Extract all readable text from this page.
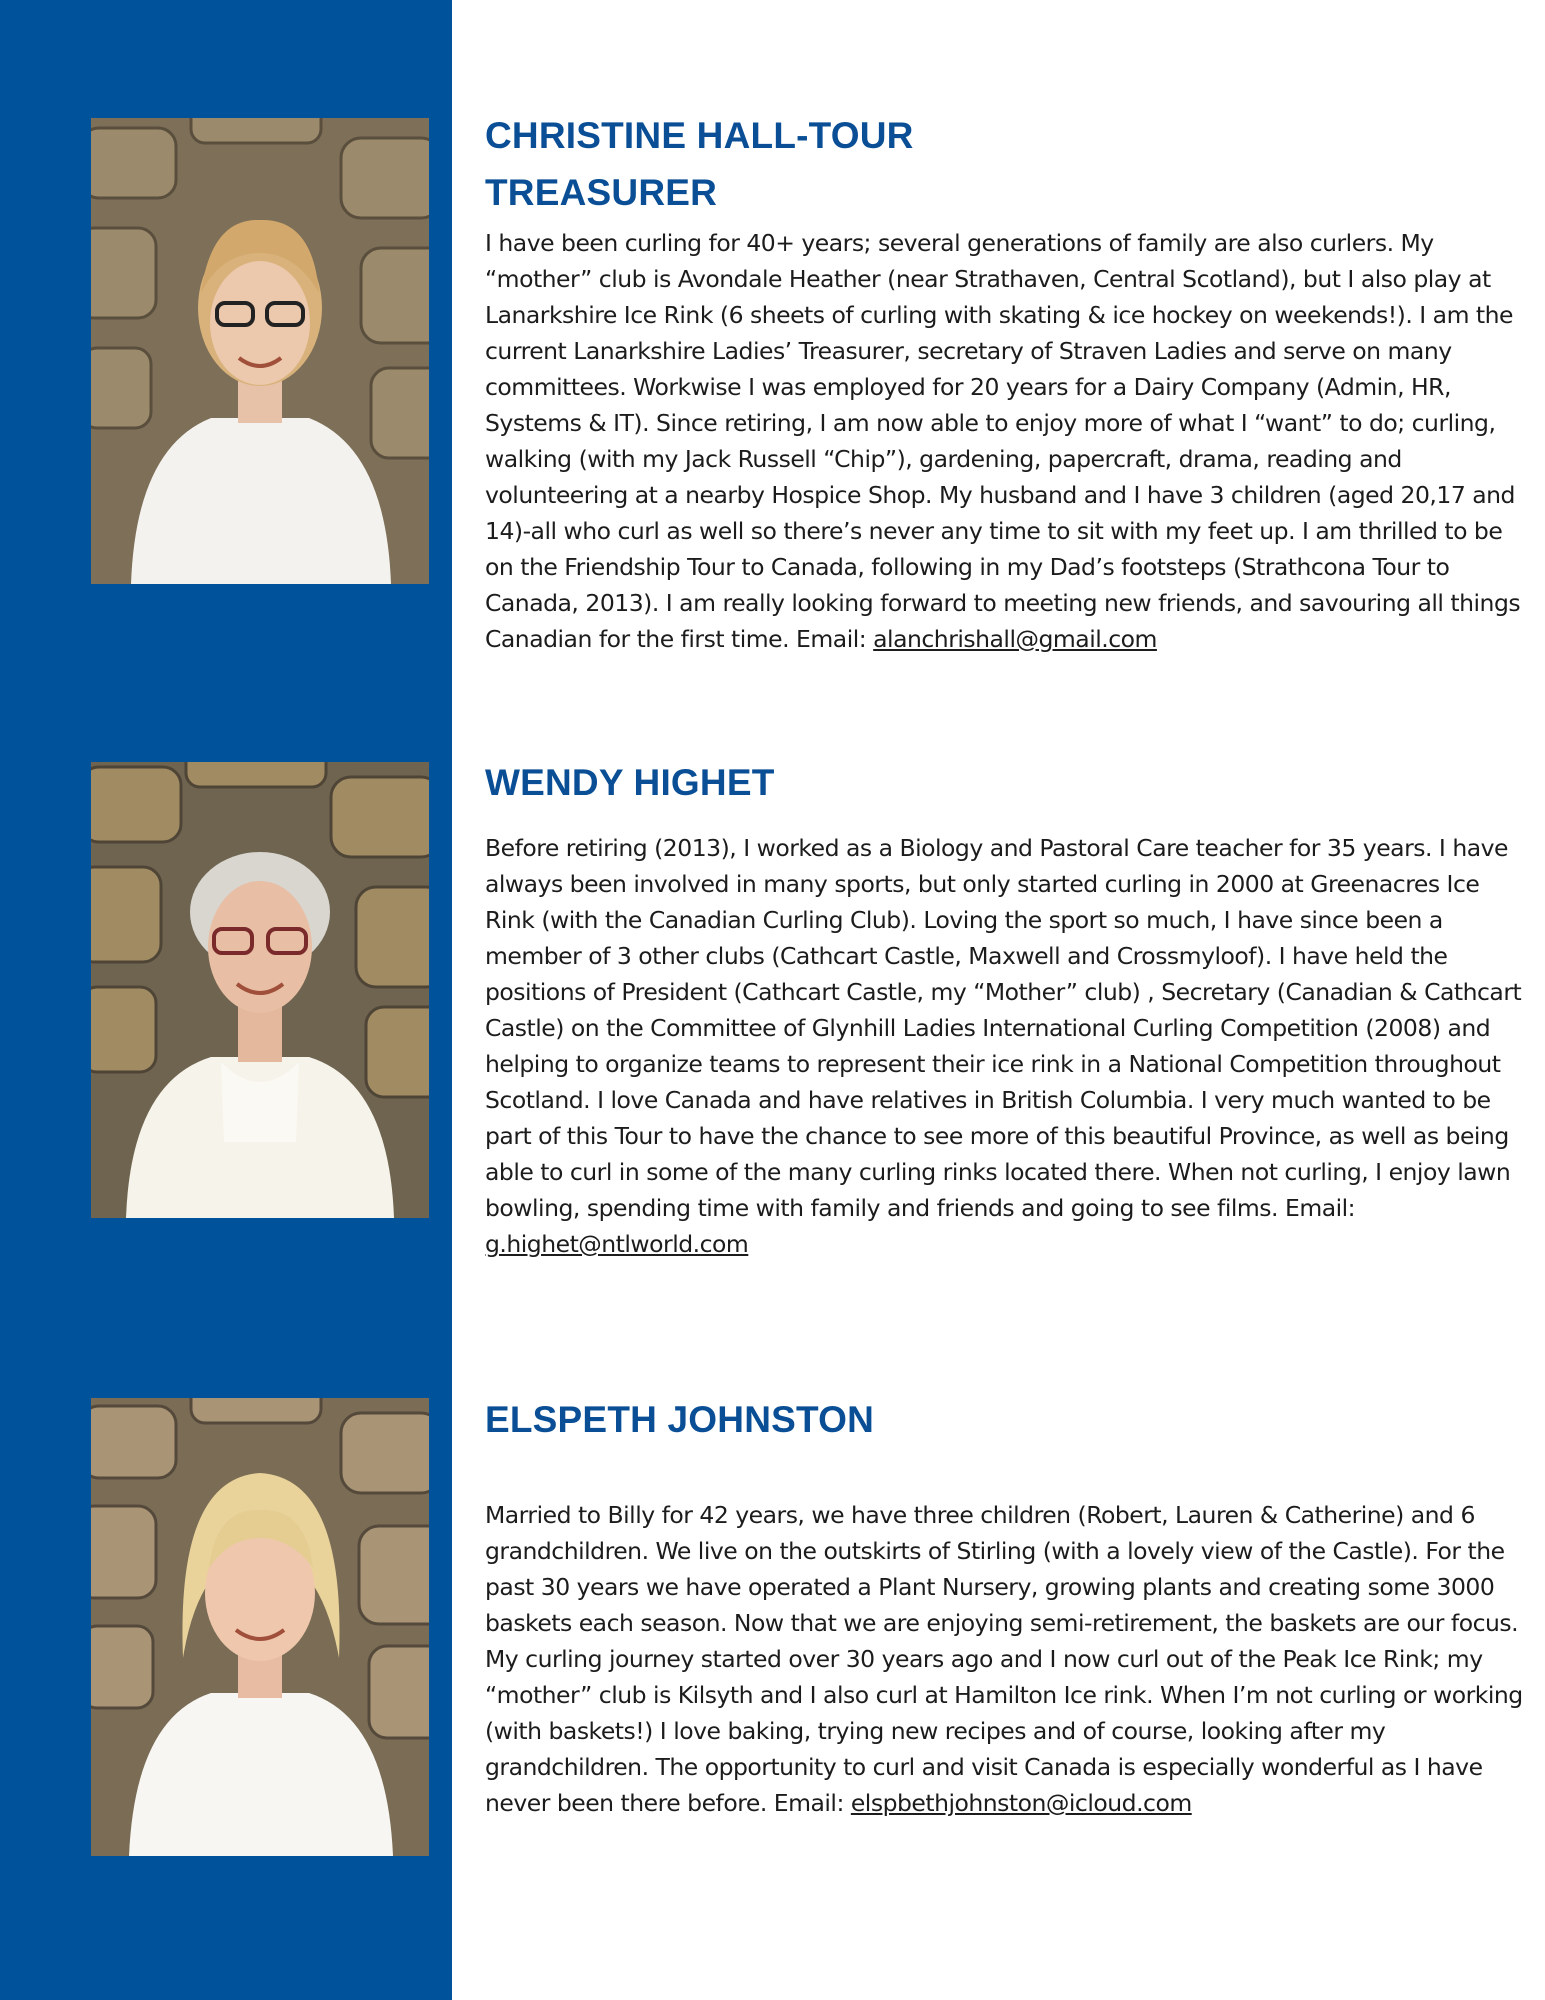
CHRISTINE HALL-TOUR
TREASURER

I have been curling for 40+ years; several generations of family are also curlers. My “mother” club is Avondale Heather (near Strathaven, Central Scotland), but I also play at Lanarkshire Ice Rink (6 sheets of curling with skating & ice hockey on weekends!). I am the current Lanarkshire Ladies’ Treasurer, secretary of Straven Ladies and serve on many committees. Workwise I was employed for 20 years for a Dairy Company (Admin, HR, Systems & IT). Since retiring, I am now able to enjoy more of what I “want” to do; curling, walking (with my Jack Russell “Chip”), gardening, papercraft, drama, reading and volunteering at a nearby Hospice Shop. My husband and I have 3 children (aged 20,17 and 14)-all who curl as well so there’s never any time to sit with my feet up. I am thrilled to be on the Friendship Tour to Canada, following in my Dad’s footsteps (Strathcona Tour to Canada, 2013). I am really looking forward to meeting new friends, and savouring all things Canadian for the first time. Email: alanchrishall@gmail.com

WENDY HIGHET

Before retiring (2013), I worked as a Biology and Pastoral Care teacher for 35 years. I have always been involved in many sports, but only started curling in 2000 at Greenacres Ice Rink (with the Canadian Curling Club). Loving the sport so much, I have since been a member of 3 other clubs (Cathcart Castle, Maxwell and Crossmyloof). I have held the positions of President (Cathcart Castle, my “Mother” club) , Secretary (Canadian & Cathcart Castle) on the Committee of Glynhill Ladies International Curling Competition (2008) and helping to organize teams to represent their ice rink in a National Competition throughout Scotland. I love Canada and have relatives in British Columbia. I very much wanted to be part of this Tour to have the chance to see more of this beautiful Province, as well as being able to curl in some of the many curling rinks located there. When not curling, I enjoy lawn bowling, spending time with family and friends and going to see films. Email: g.highet@ntlworld.com

ELSPETH JOHNSTON

Married to Billy for 42 years, we have three children (Robert, Lauren & Catherine) and 6 grandchildren. We live on the outskirts of Stirling (with a lovely view of the Castle). For the past 30 years we have operated a Plant Nursery, growing plants and creating some 3000 baskets each season. Now that we are enjoying semi-retirement, the baskets are our focus. My curling journey started over 30 years ago and I now curl out of the Peak Ice Rink; my “mother” club is Kilsyth and I also curl at Hamilton Ice rink. When I’m not curling or working (with baskets!) I love baking, trying new recipes and of course, looking after my grandchildren. The opportunity to curl and visit Canada is especially wonderful as I have never been there before. Email: elspbethjohnston@icloud.com
